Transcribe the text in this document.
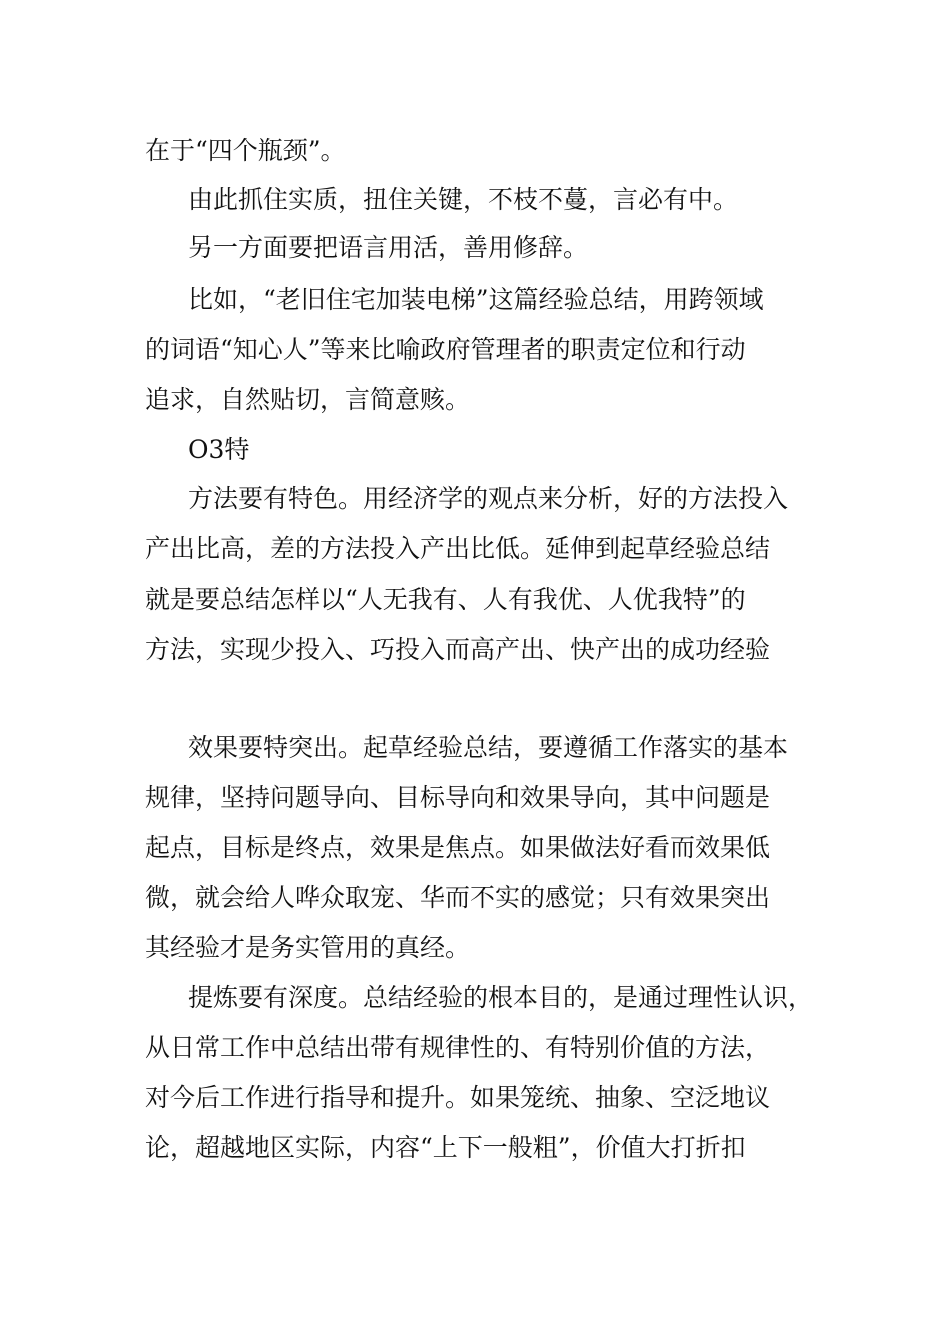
在于“四个瓶颈”。
由此抓住实质，扭住关键，不枝不蔓，言必有中。
另一方面要把语言用活，善用修辞。
比如，“老旧住宅加装电梯”这篇经验总结，用跨领域
的词语“知心人”等来比喻政府管理者的职责定位和行动
追求，自然贴切，言简意赅。
O3特
方法要有特色。用经济学的观点来分析，好的方法投入
产出比高，差的方法投入产出比低。延伸到起草经验总结
就是要总结怎样以“人无我有、人有我优、人优我特”的
方法，实现少投入、巧投入而高产出、快产出的成功经验
效果要特突出。起草经验总结，要遵循工作落实的基本
规律，坚持问题导向、目标导向和效果导向，其中问题是
起点，目标是终点，效果是焦点。如果做法好看而效果低
微，就会给人哗众取宠、华而不实的感觉；只有效果突出
其经验才是务实管用的真经。
提炼要有深度。总结经验的根本目的，是通过理性认识，
从日常工作中总结出带有规律性的、有特别价值的方法，
对今后工作进行指导和提升。如果笼统、抽象、空泛地议
论，超越地区实际，内容“上下一般粗”，价值大打折扣
